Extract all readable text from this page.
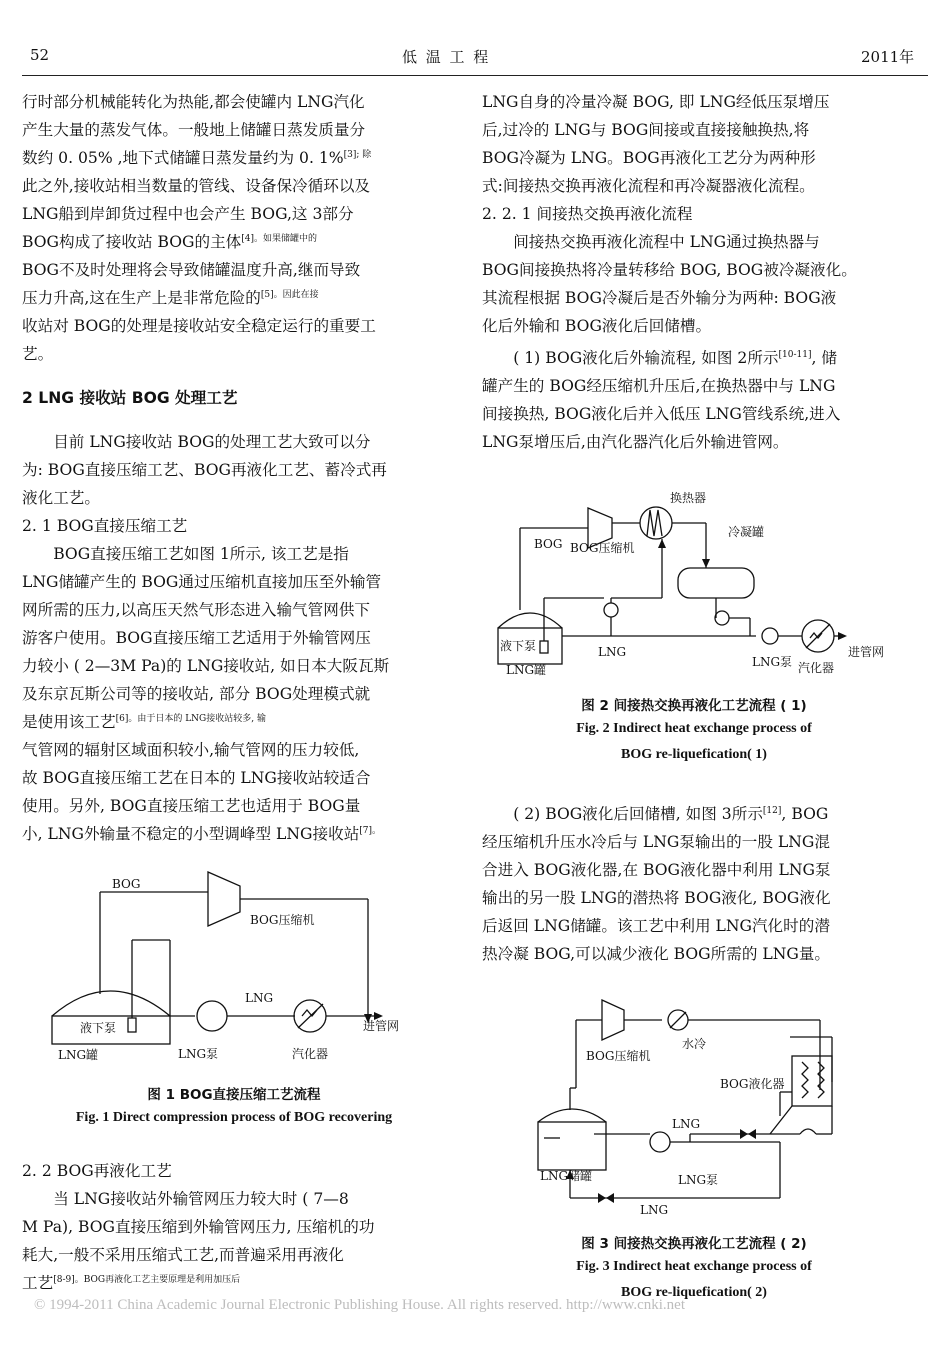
52	低 温 工 程	2011年

行时部分机械能转化为热能,都会使罐内 LNG汽化
产生大量的蒸发气体。一般地上储罐日蒸发质量分
数约 0. 05% ,地下式储罐日蒸发量约为 0. 1%$^{[3]; 除}$
此之外,接收站相当数量的管线、设备保冷循环以及
LNG船到岸卸货过程中也会产生 BOG,这 3部分
BOG构成了接收站 BOG的主体$^{[4]。如果储罐中的}$
BOG不及时处理将会导致储罐温度升高,继而导致
压力升高,这在生产上是非常危险的$^{[5]。因此在接}$
收站对 BOG的处理是接收站安全稳定运行的重要工
艺。

2 LNG 接收站 BOG 处理工艺

目前 LNG接收站 BOG的处理工艺大致可以分

为: BOG直接压缩工艺、BOG再液化工艺、蓄冷式再
液化工艺。

2. 1 BOG直接压缩工艺

BOG直接压缩工艺如图 1所示, 该工艺是指

LNG储罐产生的 BOG通过压缩机直接加压至外输管
网所需的压力,以高压天然气形态进入输气管网供下
游客户使用。BOG直接压缩工艺适用于外输管网压
力较小 ( 2—3M Pa)的 LNG接收站, 如日本大阪瓦斯
及东京瓦斯公司等的接收站, 部分 BOG处理模式就
是使用该工艺$^{[6]。由于日本的 LNG接收站较多, 输}$
气管网的辐射区域面积较小,输气管网的压力较低,
故 BOG直接压缩工艺在日本的 LNG接收站较适合
使用。另外, BOG直接压缩工艺也适用于 BOG量
小, LNG外输量不稳定的小型调峰型 LNG接收站$^{[7]。}$

BOG
BOG压缩机
LNG
液下泵
LNG罐	LNG泵	汽化器
进管网
图 1 BOG直接压缩工艺流程
Fig. 1 Direct compression process of BOG recovering

2. 2 BOG再液化工艺

当 LNG接收站外输管网压力较大时 ( 7—8

M Pa), BOG直接压缩到外输管网压力, 压缩机的功
耗大,一般不采用压缩式工艺,而普遍采用再液化
工艺$^{[8-9]。BOG再液化工艺主要原理是利用加压后}$

LNG自身的冷量冷凝 BOG, 即 LNG经低压泵增压
后,过冷的 LNG与 BOG间接或直接接触换热,将
BOG冷凝为 LNG。BOG再液化工艺分为两种形
式:间接热交换再液化流程和再冷凝器液化流程。

2. 2. 1 间接热交换再液化流程

间接热交换再液化流程中 LNG通过换热器与

BOG间接换热将冷量转移给 BOG, BOG被冷凝液化。
其流程根据 BOG冷凝后是否外输分为两种: BOG液
化后外输和 BOG液化后回储槽。

( 1) BOG液化后外输流程, 如图 2所示[10-11], 储

罐产生的 BOG经压缩机升压后,在换热器中与 LNG
间接换热, BOG液化后并入低压 LNG管线系统,进入
LNG泵增压后,由汽化器汽化后外输进管网。

换热器
BOG BOG压缩机
冷凝罐
液下泵
LNG罐
LNG
LNG泵 汽化器
进管网
图 2 间接热交换再液化工艺流程 ( 1)
Fig. 2 Indirect heat exchange process of
BOG re-liquefication( 1)

( 2) BOG液化后回储槽, 如图 3所示[12], BOG

经压缩机升压水冷后与 LNG泵输出的一股 LNG混
合进入 BOG液化器,在 BOG液化器中利用 LNG泵
输出的另一股 LNG的潜热将 BOG液化, BOG液化
后返回 LNG储罐。该工艺中利用 LNG汽化时的潜
热冷凝 BOG,可以减少液化 BOG所需的 LNG量。

BOG压缩机
水冷
BOG液化器
LNG
LNG储罐	LNG泵
LNG
图 3 间接热交换再液化工艺流程 ( 2)
Fig. 3 Indirect heat exchange process of
BOG re-liquefication( 2)
© 1994-2011 China Academic Journal Electronic Publishing House. All rights reserved. http://www.cnki.net
